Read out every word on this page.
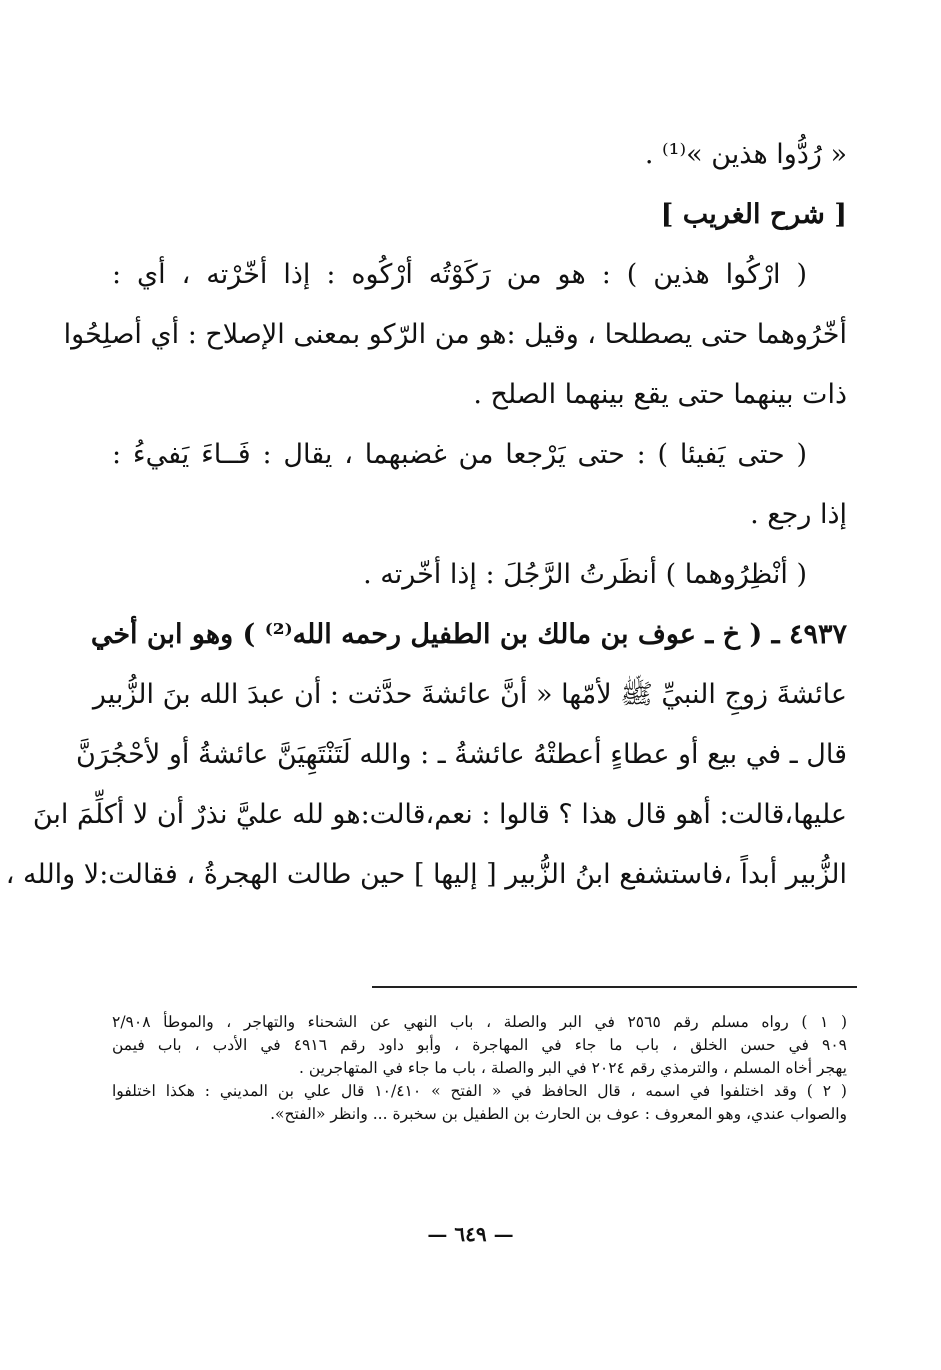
« رُدُّوا هذين »⁽¹⁾ .
[ شرح الغريب ]
( ارْكُوا هذين ) : هو من رَكَوْتُه أرْكُوه : إذا أخّرْته ، أي :
أخّرُوهما حتى يصطلحا ، وقيل :هو من الرّكو بمعنى الإصلاح : أي أصلِحُوا
ذات بينهما حتى يقع بينهما الصلح .
( حتى يَفيئا ) : حتى يَرْجعا من غضبهما ، يقال : فَــاءَ يَفيءُ :
إذا رجع .
( أنْظِرُوهما ) أنظَرتُ الرَّجُلَ : إذا أخّرته .
٤٩٣٧ ـ ( خ ـ عوف بن مالك بن الطفيل رحمه الله⁽²⁾ ) وهو ابن أخي
عائشةَ زوجِ النبيِّ ﷺ لأمّها « أنَّ عائشةَ حدَّثت : أن عبدَ الله بنَ الزُّبير
قال ـ في بيع أو عطاءٍ أعطتْهُ عائشةُ ـ : والله لَتَنْتَهِيَنَّ عائشةُ أو لأحْجُرَنَّ
عليها،قالت: أهو قال هذا ؟ قالوا : نعم،قالت:هو لله عليَّ نذرٌ أن لا أكلِّمَ ابنَ
الزُّبير أبداً ،فاستشفع ابنُ الزُّبير [ إليها ] حين طالت الهجرةُ ، فقالت:لا والله ،
( ١ ) رواه مسلم رقم ٢٥٦٥ في البر والصلة ، باب النهي عن الشحناء والتهاجر ، والموطأ ٢/٩٠٨
٩٠٩ في حسن الخلق ، باب ما جاء في المهاجرة ، وأبو داود رقم ٤٩١٦ في الأدب ، باب فيمن
يهجر أخاه المسلم ، والترمذي رقم ٢٠٢٤ في البر والصلة ، باب ما جاء في المتهاجرين .
( ٢ ) وقد اختلفوا في اسمه ، قال الحافظ في « الفتح » ١٠/٤١٠ قال علي بن المديني : هكذا اختلفوا
والصواب عندي، وهو المعروف : عوف بن الحارث بن الطفيل بن سخبرة ... وانظر «الفتح».
— ٦٤٩ —
